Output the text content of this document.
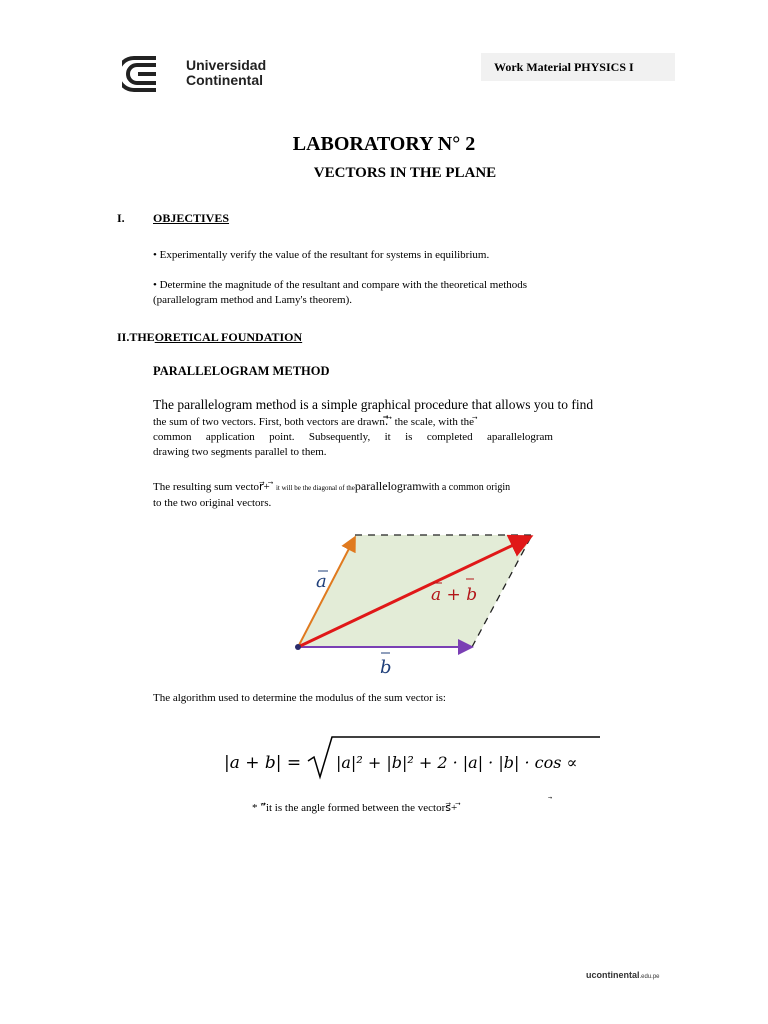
Universidad
Continental
Work Material PHYSICS I
LABORATORY N° 2
VECTORS IN THE PLANE
I. OBJECTIVES
• Experimentally verify the value of the resultant for systems in equilibrium.
• Determine the magnitude of the resultant and compare with the theoretical methods
(parallelogram method and Lamy's theorem).
II.THEORETICAL FOUNDATION
PARALLELOGRAM METHOD
The parallelogram method is a simple graphical procedure that allows you to find
the sum of two vectors. First, both vectors are drawn.⃗⃗ ⃗ the scale, with the ⃗
common application point. Subsequently, it is completed aparallelogram
drawing two segments parallel to them.
The resulting sum vector⃗+ ⃗ it will be the diagonal of theparallelogramwith a common origin
to the two original vectors.
a
a + b
b
The algorithm used to determine the modulus of the sum vector is:
|a + b| = |a|² + |b|² + 2 · |a| · |b| · cos ∝
* “⃗it is the angle formed between the vectors⃗+ ⃗
ucontinental.edu.pe
